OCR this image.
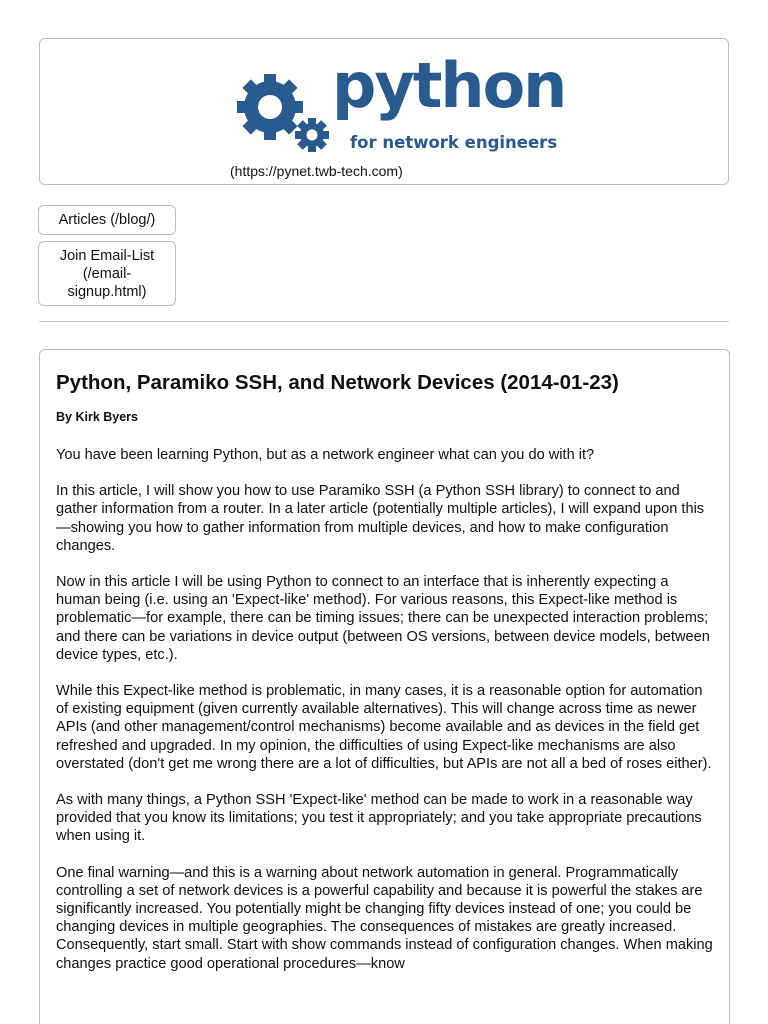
python
for network engineers
(https://pynet.twb-tech.com)
Articles (/blog/)
Join Email-List (/email-signup.html)
Python, Paramiko SSH, and Network Devices (2014-01-23)
By Kirk Byers

You have been learning Python, but as a network engineer what can you do with it?

In this article, I will show you how to use Paramiko SSH (a Python SSH library) to connect to and gather information from a router. In a later article (potentially multiple articles), I will expand upon this—showing you how to gather information from multiple devices, and how to make configuration changes.

Now in this article I will be using Python to connect to an interface that is inherently expecting a human being (i.e. using an 'Expect-like' method). For various reasons, this Expect-like method is problematic—for example, there can be timing issues; there can be unexpected interaction problems; and there can be variations in device output (between OS versions, between device models, between device types, etc.).

While this Expect-like method is problematic, in many cases, it is a reasonable option for automation of existing equipment (given currently available alternatives). This will change across time as newer APIs (and other management/control mechanisms) become available and as devices in the field get refreshed and upgraded. In my opinion, the difficulties of using Expect-like mechanisms are also overstated (don't get me wrong there are a lot of difficulties, but APIs are not all a bed of roses either).

As with many things, a Python SSH 'Expect-like' method can be made to work in a reasonable way provided that you know its limitations; you test it appropriately; and you take appropriate precautions when using it.

One final warning—and this is a warning about network automation in general. Programmatically controlling a set of network devices is a powerful capability and because it is powerful the stakes are significantly increased. You potentially might be changing fifty devices instead of one; you could be changing devices in multiple geographies. The consequences of mistakes are greatly increased. Consequently, start small. Start with show commands instead of configuration changes. When making changes practice good operational procedures—know
